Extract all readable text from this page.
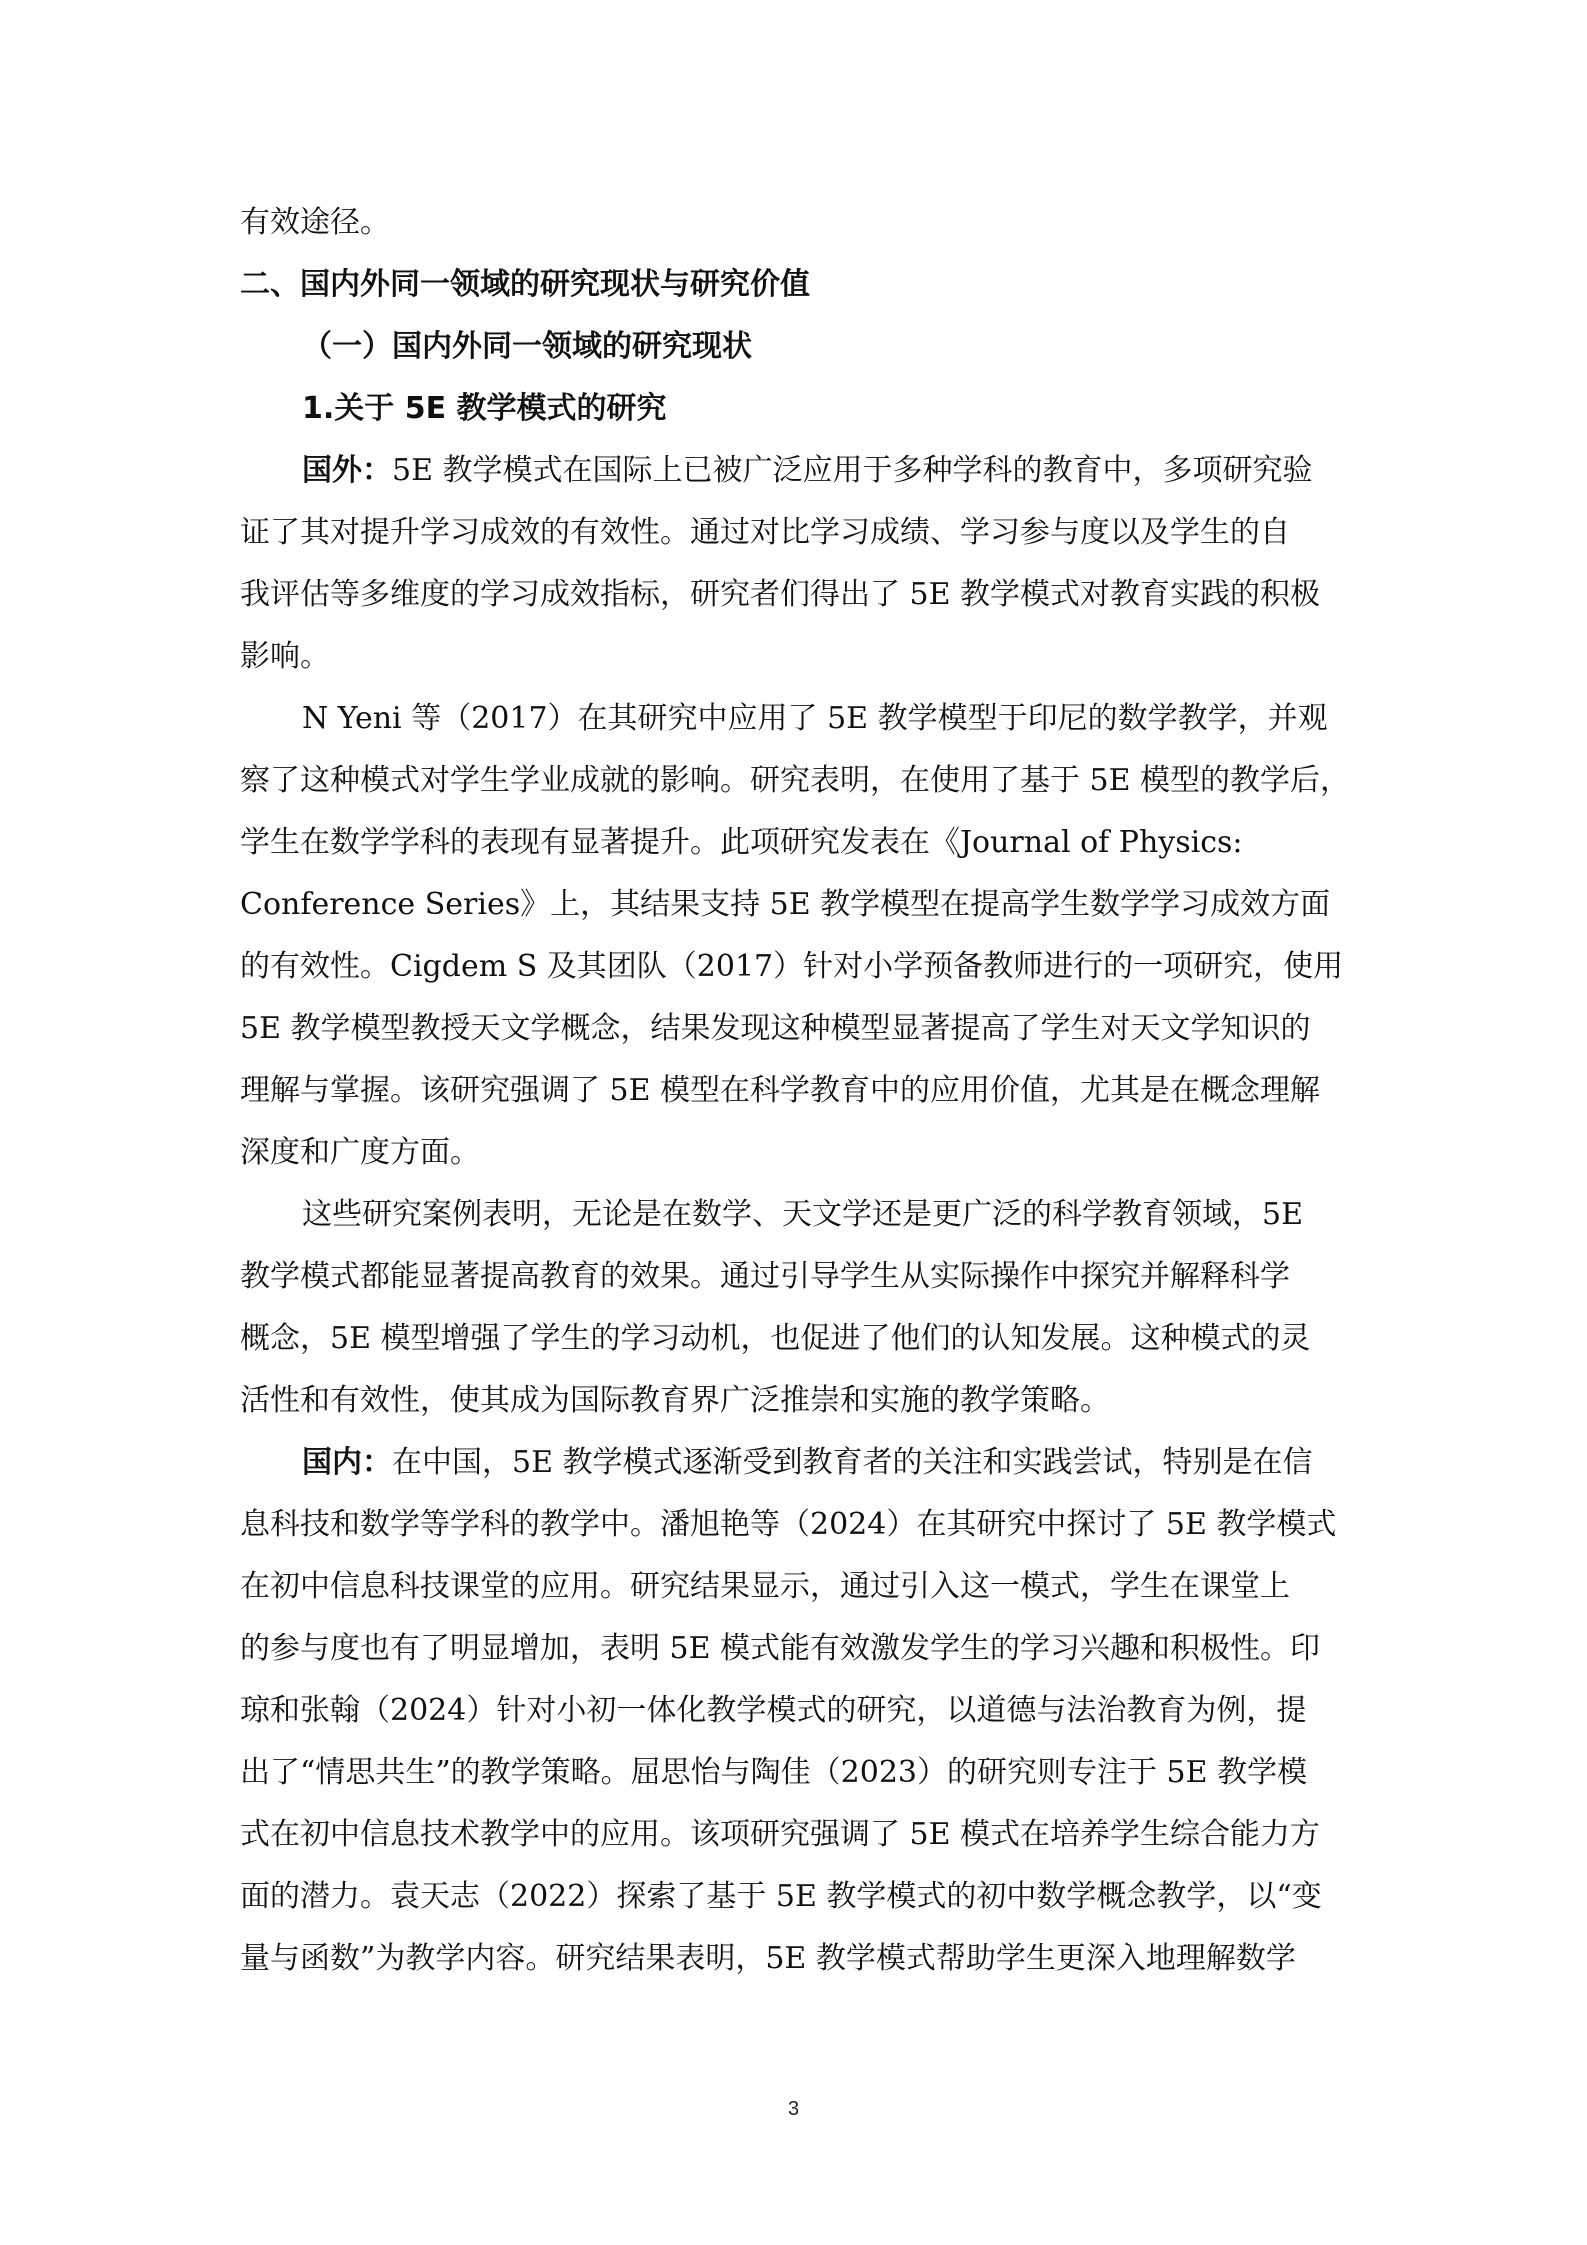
有效途径。
二、国内外同一领域的研究现状与研究价值
（一）国内外同一领域的研究现状
1.关于 5E 教学模式的研究
国外：5E 教学模式在国际上已被广泛应用于多种学科的教育中，多项研究验
证了其对提升学习成效的有效性。通过对比学习成绩、学习参与度以及学生的自
我评估等多维度的学习成效指标，研究者们得出了 5E 教学模式对教育实践的积极
影响。
N Yeni 等（2017）在其研究中应用了 5E 教学模型于印尼的数学教学，并观
察了这种模式对学生学业成就的影响。研究表明，在使用了基于 5E 模型的教学后，
学生在数学学科的表现有显著提升。此项研究发表在《Journal of Physics:
Conference Series》上，其结果支持 5E 教学模型在提高学生数学学习成效方面
的有效性。Cigdem S 及其团队（2017）针对小学预备教师进行的一项研究，使用
5E 教学模型教授天文学概念，结果发现这种模型显著提高了学生对天文学知识的
理解与掌握。该研究强调了 5E 模型在科学教育中的应用价值，尤其是在概念理解
深度和广度方面。
这些研究案例表明，无论是在数学、天文学还是更广泛的科学教育领域，5E
教学模式都能显著提高教育的效果。通过引导学生从实际操作中探究并解释科学
概念，5E 模型增强了学生的学习动机，也促进了他们的认知发展。这种模式的灵
活性和有效性，使其成为国际教育界广泛推崇和实施的教学策略。
国内：在中国，5E 教学模式逐渐受到教育者的关注和实践尝试，特别是在信
息科技和数学等学科的教学中。潘旭艳等（2024）在其研究中探讨了 5E 教学模式
在初中信息科技课堂的应用。研究结果显示，通过引入这一模式，学生在课堂上
的参与度也有了明显增加，表明 5E 模式能有效激发学生的学习兴趣和积极性。印
琼和张翰（2024）针对小初一体化教学模式的研究，以道德与法治教育为例，提
出了“情思共生”的教学策略。屈思怡与陶佳（2023）的研究则专注于 5E 教学模
式在初中信息技术教学中的应用。该项研究强调了 5E 模式在培养学生综合能力方
面的潜力。袁天志（2022）探索了基于 5E 教学模式的初中数学概念教学，以“变
量与函数”为教学内容。研究结果表明，5E 教学模式帮助学生更深入地理解数学
3
